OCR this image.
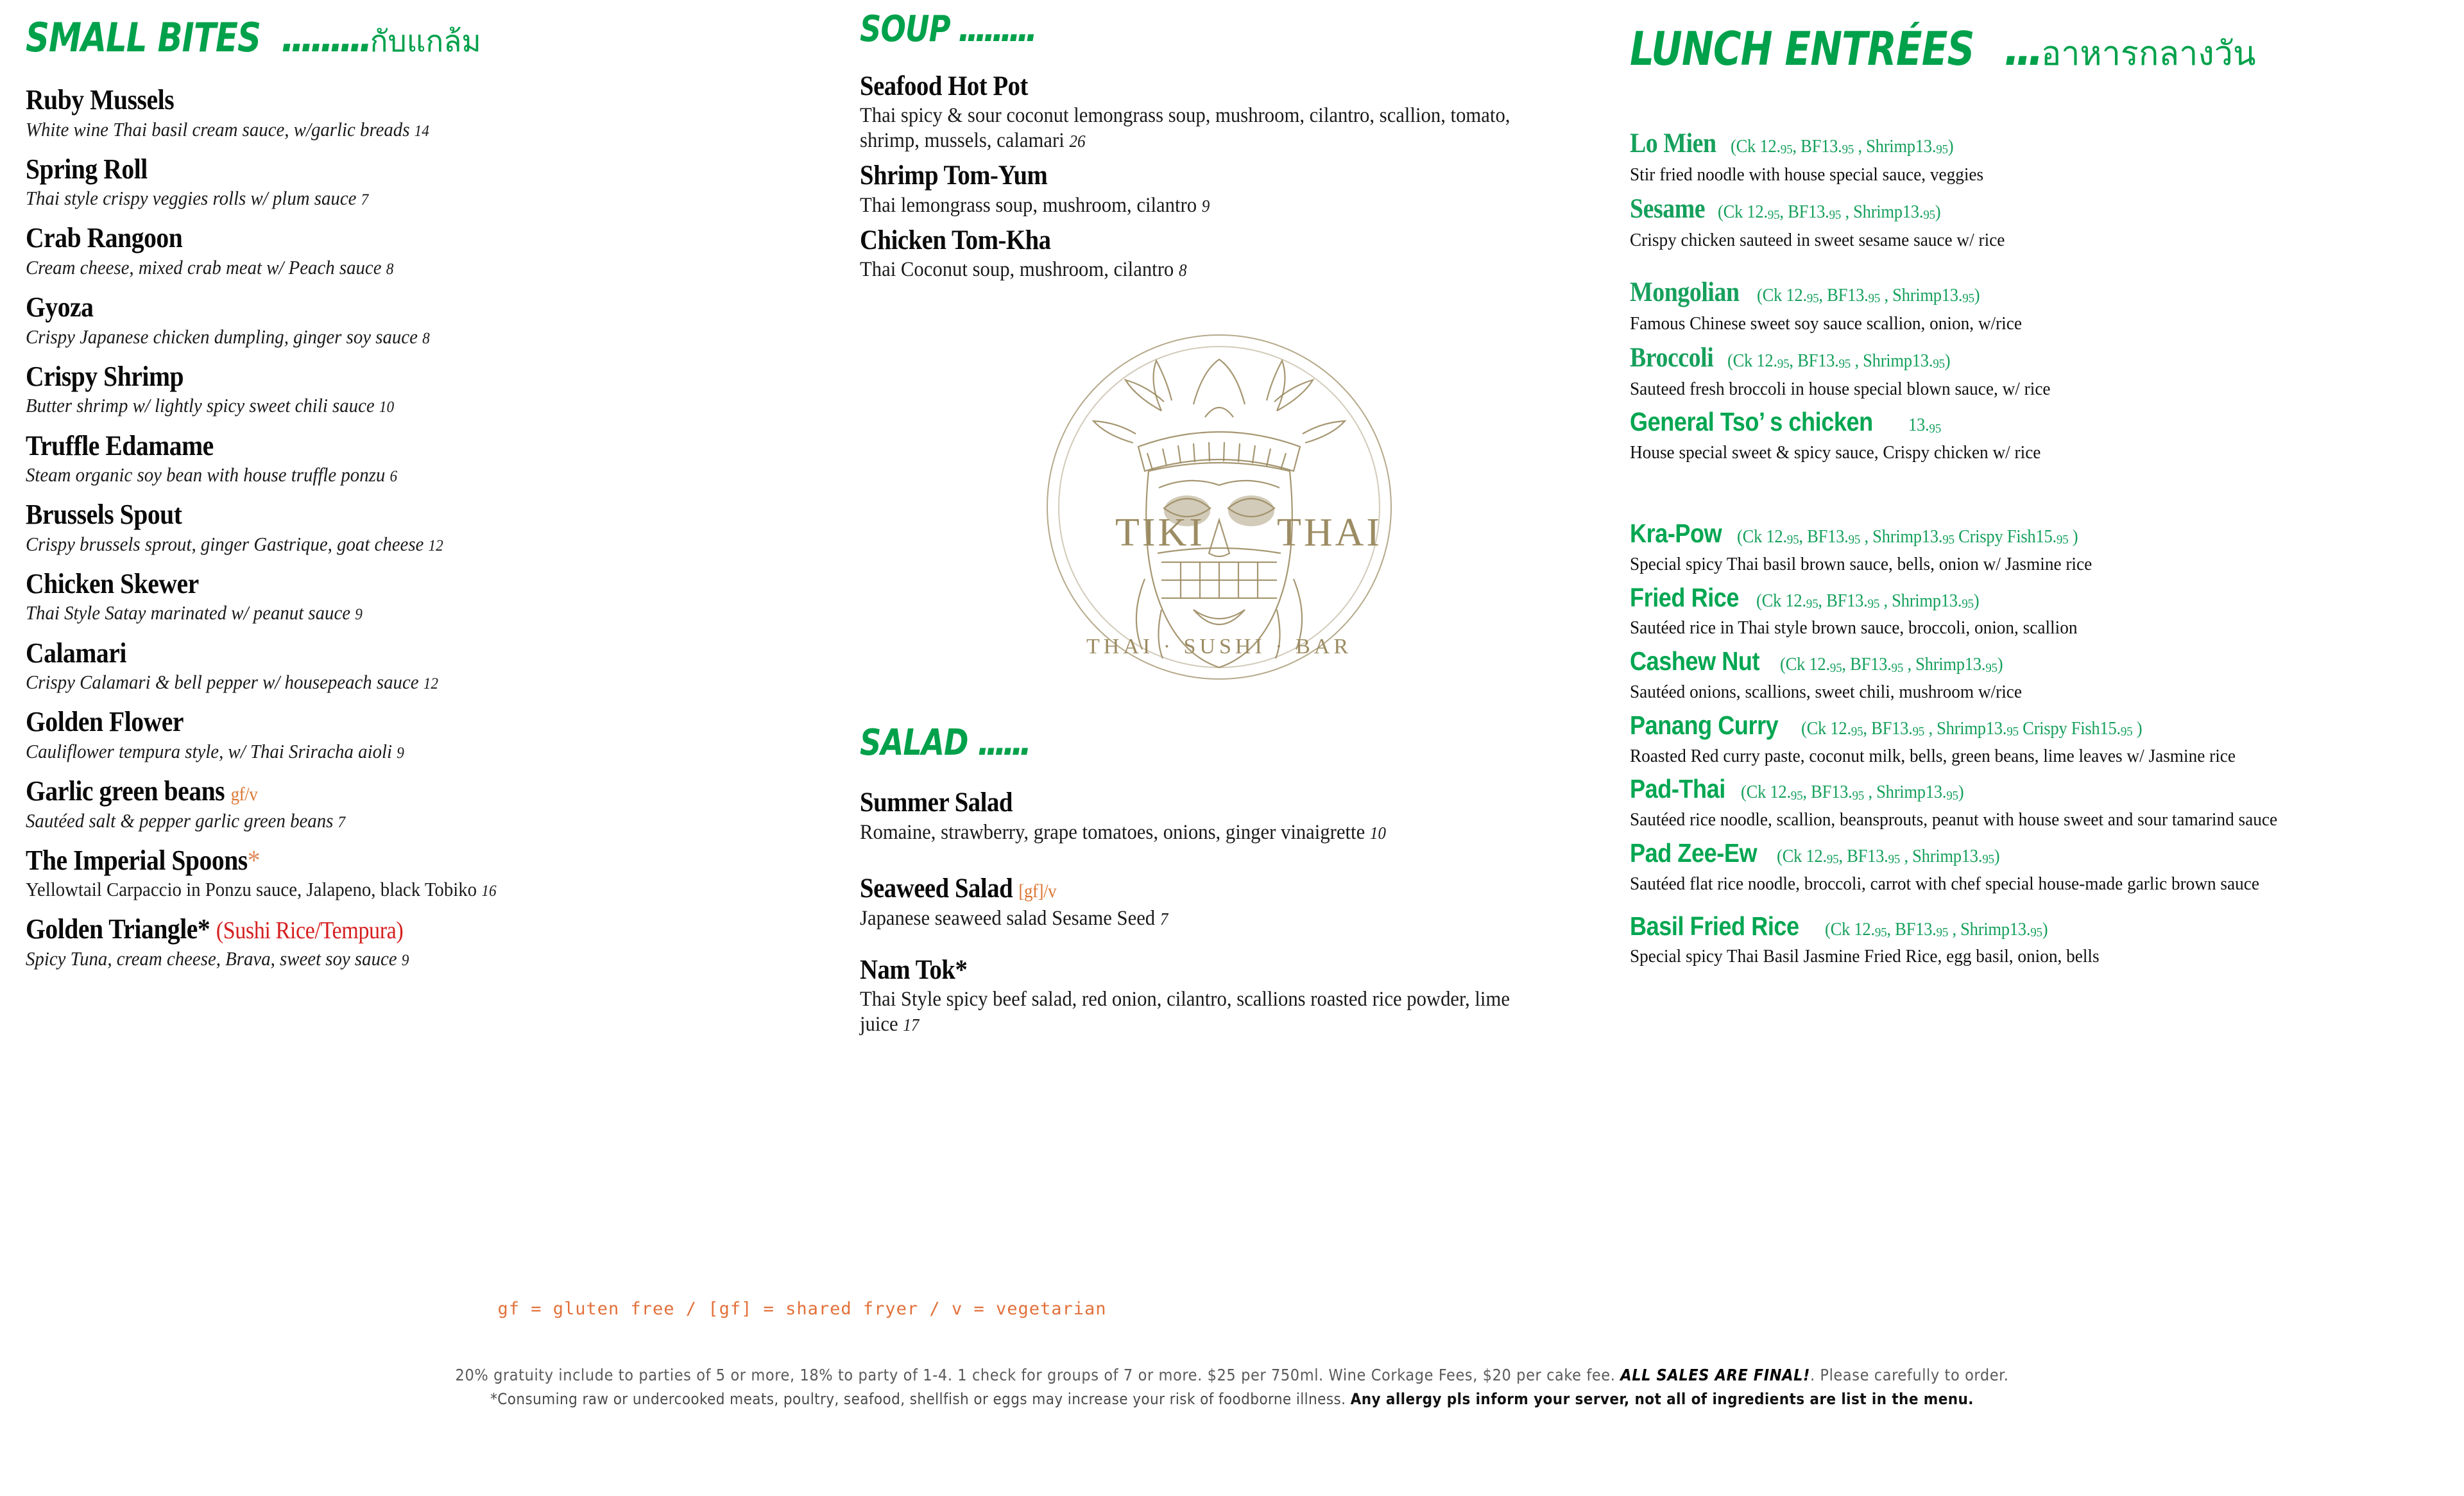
SMALL BITES ......... กับแกล้ม
Ruby Mussels
White wine Thai basil cream sauce, w/garlic breads 14
Spring Roll
Thai style crispy veggies rolls w/ plum sauce 7
Crab Rangoon
Cream cheese, mixed crab meat w/ Peach sauce 8
Gyoza
Crispy Japanese chicken dumpling, ginger soy sauce 8
Crispy Shrimp
Butter shrimp w/ lightly spicy sweet chili sauce 10
Truffle Edamame
Steam organic soy bean with house truffle ponzu 6
Brussels Spout
Crispy brussels sprout, ginger Gastrique, goat cheese 12
Chicken Skewer
Thai Style Satay marinated w/ peanut sauce 9
Calamari
Crispy Calamari & bell pepper w/ housepeach sauce 12
Golden Flower
Cauliflower tempura style, w/ Thai Sriracha aioli 9
Garlic green beans gf/v
Sautéed salt & pepper garlic green beans 7
The Imperial Spoons*
Yellowtail Carpaccio in Ponzu sauce, Jalapeno, black Tobiko 16
Golden Triangle* (Sushi Rice/Tempura)
Spicy Tuna, cream cheese, Brava, sweet soy sauce 9
SOUP .........
Seafood Hot Pot
Thai spicy & sour coconut lemongrass soup, mushroom, cilantro, scallion, tomato, shrimp, mussels, calamari 26
Shrimp Tom-Yum
Thai lemongrass soup, mushroom, cilantro 9
Chicken Tom-Kha
Thai Coconut soup, mushroom, cilantro 8
TIKI THAI
THAI · SUSHI · BAR
SALAD ......
Summer Salad
Romaine, strawberry, grape tomatoes, onions, ginger vinaigrette 10
Seaweed Salad [gf]/v
Japanese seaweed salad Sesame Seed 7
Nam Tok*
Thai Style spicy beef salad, red onion, cilantro, scallions roasted rice powder, lime juice 17
LUNCH ENTRÉES ... อาหารกลางวัน
Lo Mien (Ck $12._{95}$, $BF13._{95}$ , $Shrimp13._{95}$)
Stir fried noodle with house special sauce, veggies
Sesame (Ck $12._{95}$, $BF13._{95}$ , $Shrimp13._{95}$)
Crispy chicken sauteed in sweet sesame sauce w/ rice
Mongolian (Ck $12._{95}$, $BF13._{95}$ , $Shrimp13._{95}$)
Famous Chinese sweet soy sauce scallion, onion, w/rice
Broccoli (Ck $12._{95}$, $BF13._{95}$ , $Shrimp13._{95}$)
Sauteed fresh broccoli in house special blown sauce, w/ rice
General Tso’ s chicken $13._{95}$
House special sweet & spicy sauce, Crispy chicken w/ rice
Kra-Pow (Ck $12._{95}$, $BF13._{95}$ , $Shrimp13._{95}$ Crispy $Fish15._{95}$ )
Special spicy Thai basil brown sauce, bells, onion w/ Jasmine rice
Fried Rice (Ck $12._{95}$, $BF13._{95}$ , $Shrimp13._{95}$)
Sautéed rice in Thai style brown sauce, broccoli, onion, scallion
Cashew Nut (Ck $12._{95}$, $BF13._{95}$ , $Shrimp13._{95}$)
Sautéed onions, scallions, sweet chili, mushroom w/rice
Panang Curry (Ck $12._{95}$, $BF13._{95}$ , $Shrimp13._{95}$ Crispy $Fish15._{95}$ )
Roasted Red curry paste, coconut milk, bells, green beans, lime leaves w/ Jasmine rice
Pad-Thai (Ck $12._{95}$, $BF13._{95}$ , $Shrimp13._{95}$)
Sautéed rice noodle, scallion, beansprouts, peanut with house sweet and sour tamarind sauce
Pad Zee-Ew (Ck $12._{95}$, $BF13._{95}$ , $Shrimp13._{95}$)
Sautéed flat rice noodle, broccoli, carrot with chef special house-made garlic brown sauce
Basil Fried Rice (Ck $12._{95}$, $BF13._{95}$ , $Shrimp13._{95}$)
Special spicy Thai Basil Jasmine Fried Rice, egg basil, onion, bells
gf = gluten free / [gf] = shared fryer / v = vegetarian
20% gratuity include to parties of 5 or more, 18% to party of 1-4. 1 check for groups of 7 or more. $25 per 750ml. Wine Corkage Fees, $20 per cake fee. ALL SALES ARE FINAL!. Please carefully to order.
*Consuming raw or undercooked meats, poultry, seafood, shellfish or eggs may increase your risk of foodborne illness. Any allergy pls inform your server, not all of ingredients are list in the menu.
